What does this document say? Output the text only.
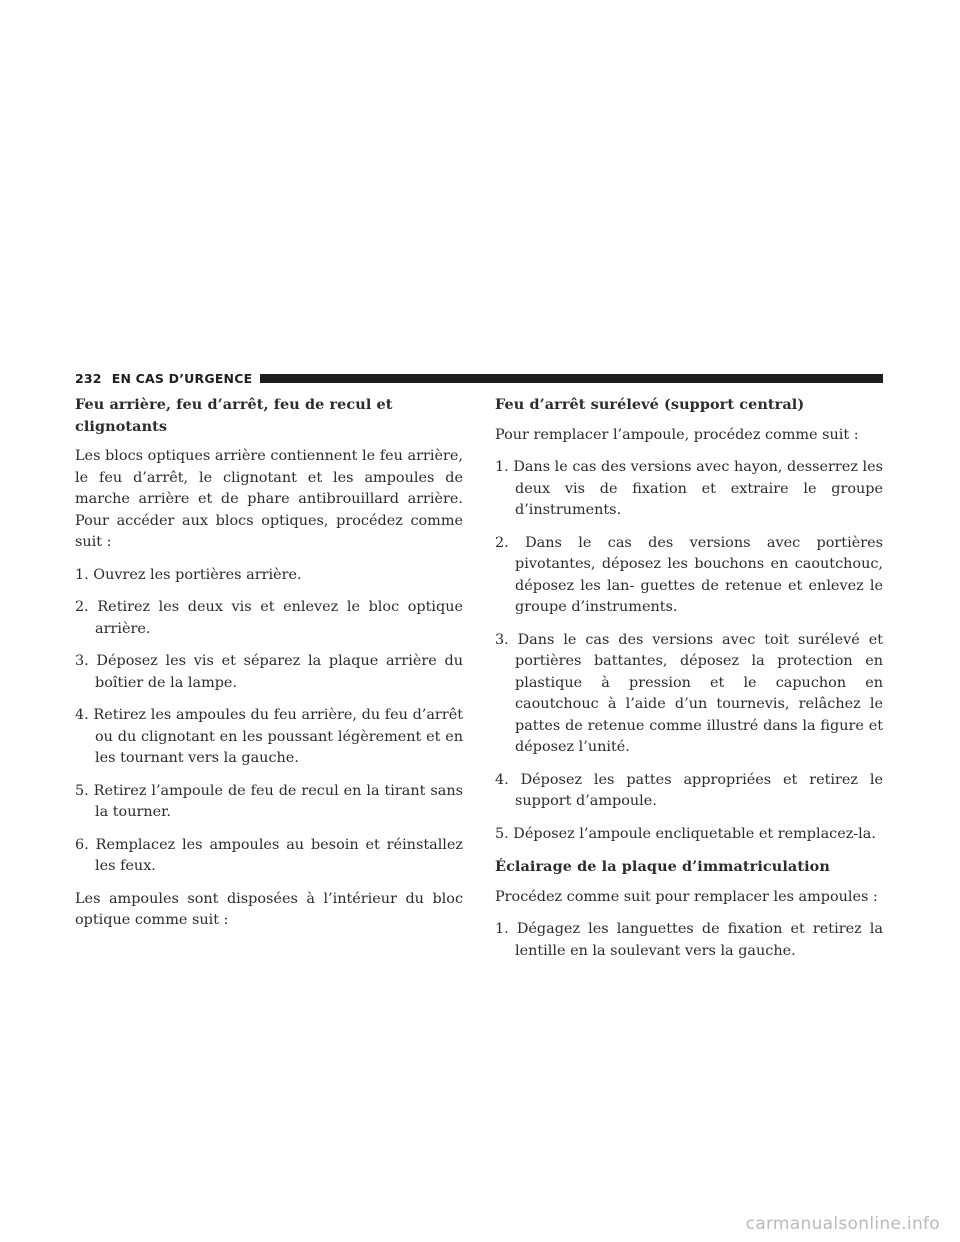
232 EN CAS D’URGENCE
Feu arrière, feu d’arrêt, feu de recul et clignotants

Les blocs optiques arrière contiennent le feu arrière, le feu d’arrêt, le clignotant et les ampoules de marche arrière et de phare antibrouillard arrière. Pour accéder aux blocs optiques, procédez comme suit :

1. Ouvrez les portières arrière.
2. Retirez les deux vis et enlevez le bloc optique arrière.
3. Déposez les vis et séparez la plaque arrière du boîtier de la lampe.
4. Retirez les ampoules du feu arrière, du feu d’arrêt ou du clignotant en les poussant légèrement et en les tournant vers la gauche.
5. Retirez l’ampoule de feu de recul en la tirant sans la tourner.
6. Remplacez les ampoules au besoin et réinstallez les feux.

Les ampoules sont disposées à l’intérieur du bloc optique comme suit :

Feu d’arrêt surélevé (support central)

Pour remplacer l’ampoule, procédez comme suit :

1. Dans le cas des versions avec hayon, desserrez les deux vis de fixation et extraire le groupe d’instruments.
2. Dans le cas des versions avec portières pivotantes, déposez les bouchons en caoutchouc, déposez les lan- guettes de retenue et enlevez le groupe d’instruments.
3. Dans le cas des versions avec toit surélevé et portières battantes, déposez la protection en plastique à pression et le capuchon en caoutchouc à l’aide d’un tournevis, relâchez le pattes de retenue comme illustré dans la figure et déposez l’unité.
4. Déposez les pattes appropriées et retirez le support d’ampoule.
5. Déposez l’ampoule encliquetable et remplacez-la.
Éclairage de la plaque d’immatriculation

Procédez comme suit pour remplacer les ampoules :

1. Dégagez les languettes de fixation et retirez la lentille en la soulevant vers la gauche.
carmanualsonline.info
